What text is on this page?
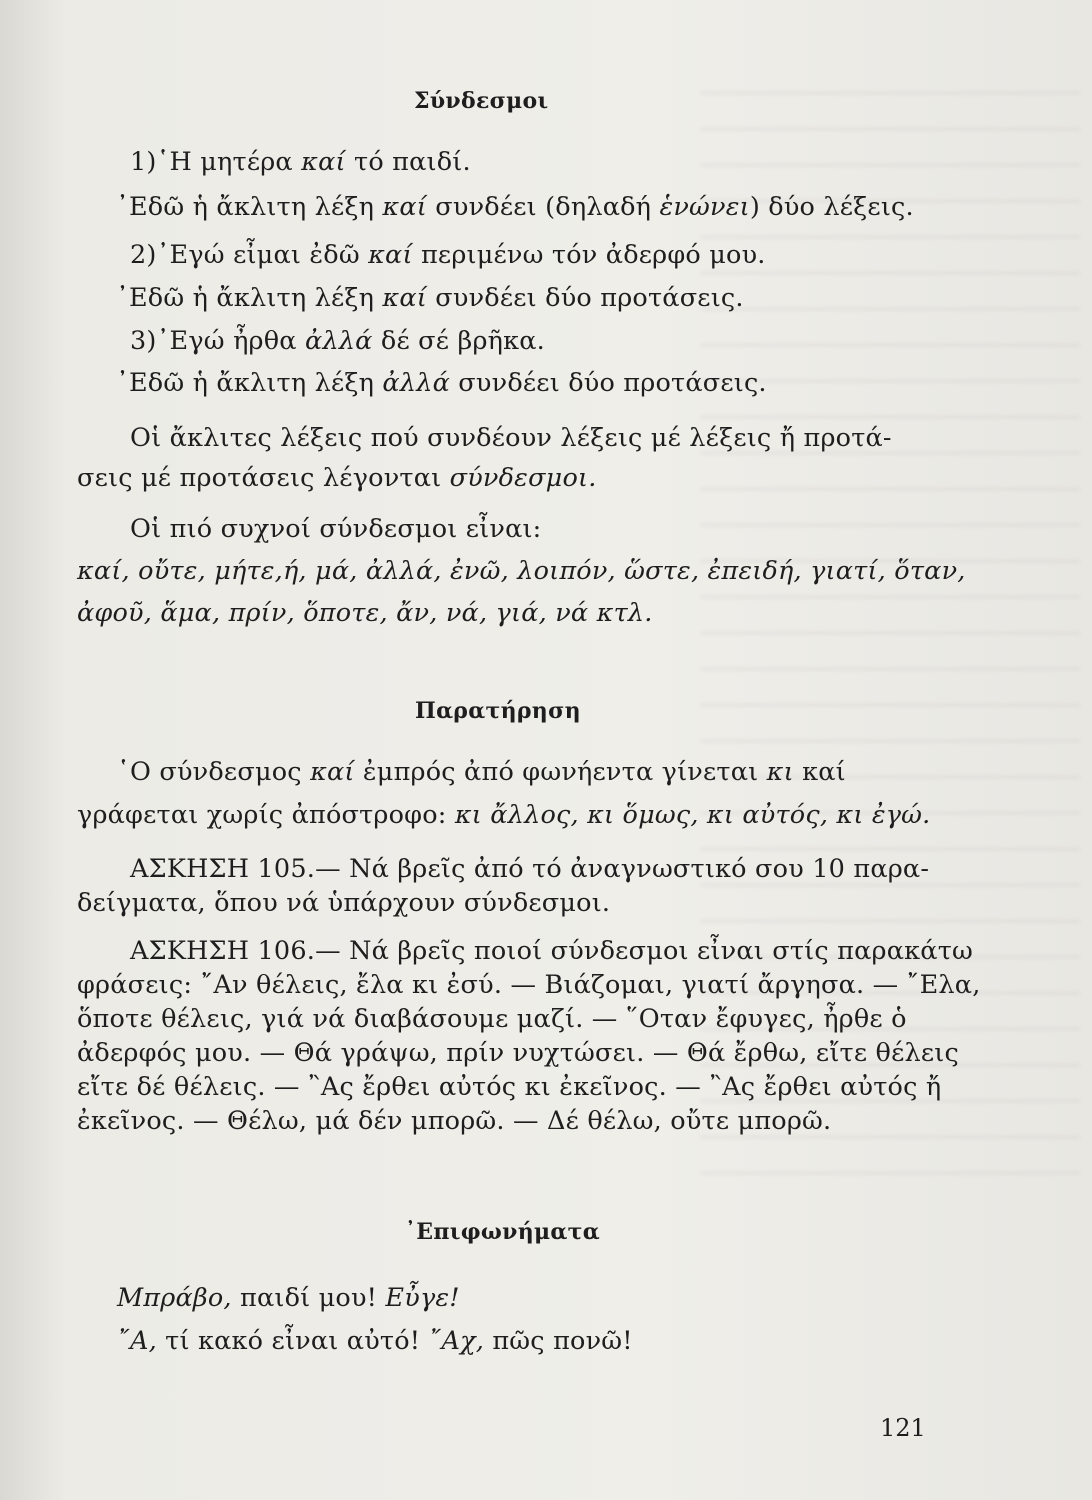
Σύνδεσμοι
1)῾Η μητέρα καί τό παιδί.
᾿Εδῶ ἡ ἄκλιτη λέξη καί συνδέει (δηλαδή ἑνώνει) δύο λέξεις.
2)᾿Εγώ εἶμαι ἐδῶ καί περιμένω τόν ἀδερφό μου.
᾿Εδῶ ἡ ἄκλιτη λέξη καί συνδέει δύο προτάσεις.
3)᾿Εγώ ἦρθα ἀλλά δέ σέ βρῆκα.
᾿Εδῶ ἡ ἄκλιτη λέξη ἀλλά συνδέει δύο προτάσεις.
Οἱ ἄκλιτες λέξεις πού συνδέουν λέξεις μέ λέξεις ἤ προτά-
σεις μέ προτάσεις λέγονται σύνδεσμοι.
Οἱ πιό συχνοί σύνδεσμοι εἶναι:
καί, οὔτε, μήτε,ή, μά, ἀλλά, ἐνῶ, λοιπόν, ὥστε, ἐπειδή, γιατί, ὅταν,
ἀφοῦ, ἅμα, πρίν, ὅποτε, ἄν, νά, γιά, νά κτλ.
Παρατήρηση
῾Ο σύνδεσμος καί ἐμπρός ἀπό φωνήεντα γίνεται κι καί
γράφεται χωρίς ἀπόστροφο: κι ἄλλος, κι ὅμως, κι αὐτός, κι ἐγώ.
ΑΣΚΗΣΗ 105.— Νά βρεῖς ἀπό τό ἀναγνωστικό σου 10 παρα-
δείγματα, ὅπου νά ὑπάρχουν σύνδεσμοι.
ΑΣΚΗΣΗ 106.— Νά βρεῖς ποιοί σύνδεσμοι εἶναι στίς παρακάτω
φράσεις: ῎Αν θέλεις, ἔλα κι ἐσύ. — Βιάζομαι, γιατί ἄργησα. — ῎Ελα,
ὅποτε θέλεις, γιά νά διαβάσουμε μαζί. — ῞Οταν ἔφυγες, ἦρθε ὁ
ἀδερφός μου. — Θά γράψω, πρίν νυχτώσει. — Θά ἔρθω, εἴτε θέλεις
εἴτε δέ θέλεις. — ῍Ας ἔρθει αὐτός κι ἐκεῖνος. — ῍Ας ἔρθει αὐτός ἤ
ἐκεῖνος. — Θέλω, μά δέν μπορῶ. — Δέ θέλω, οὔτε μπορῶ.
᾿Επιφωνήματα
Μπράβο, παιδί μου! Εὖγε!
῎Α, τί κακό εἶναι αὐτό! ῎Αχ, πῶς πονῶ!
121
